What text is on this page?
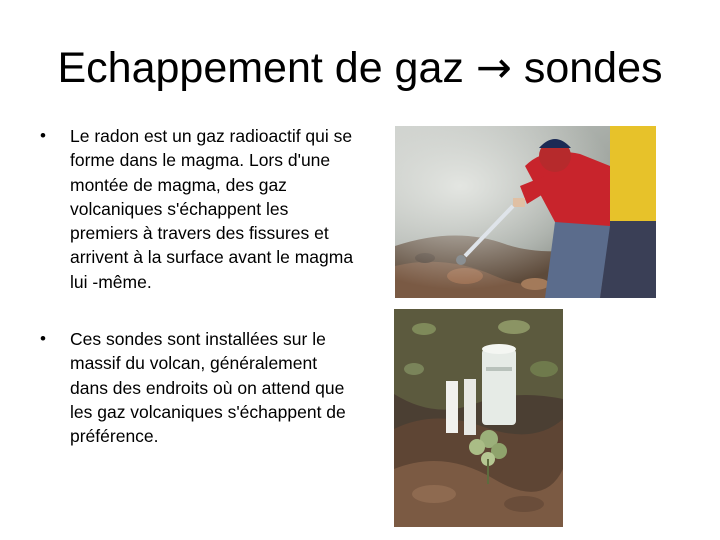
Echappement de gaz → sondes
• Le radon est un gaz radioactif qui se forme dans le magma. Lors d'une montée de magma, des gaz volcaniques s'échappent les premiers à travers des fissures et arrivent à la surface avant le magma lui -même.
• Ces sondes sont installées sur le massif du volcan, généralement dans des endroits où on attend que les gaz volcaniques s'échappent de préférence.
